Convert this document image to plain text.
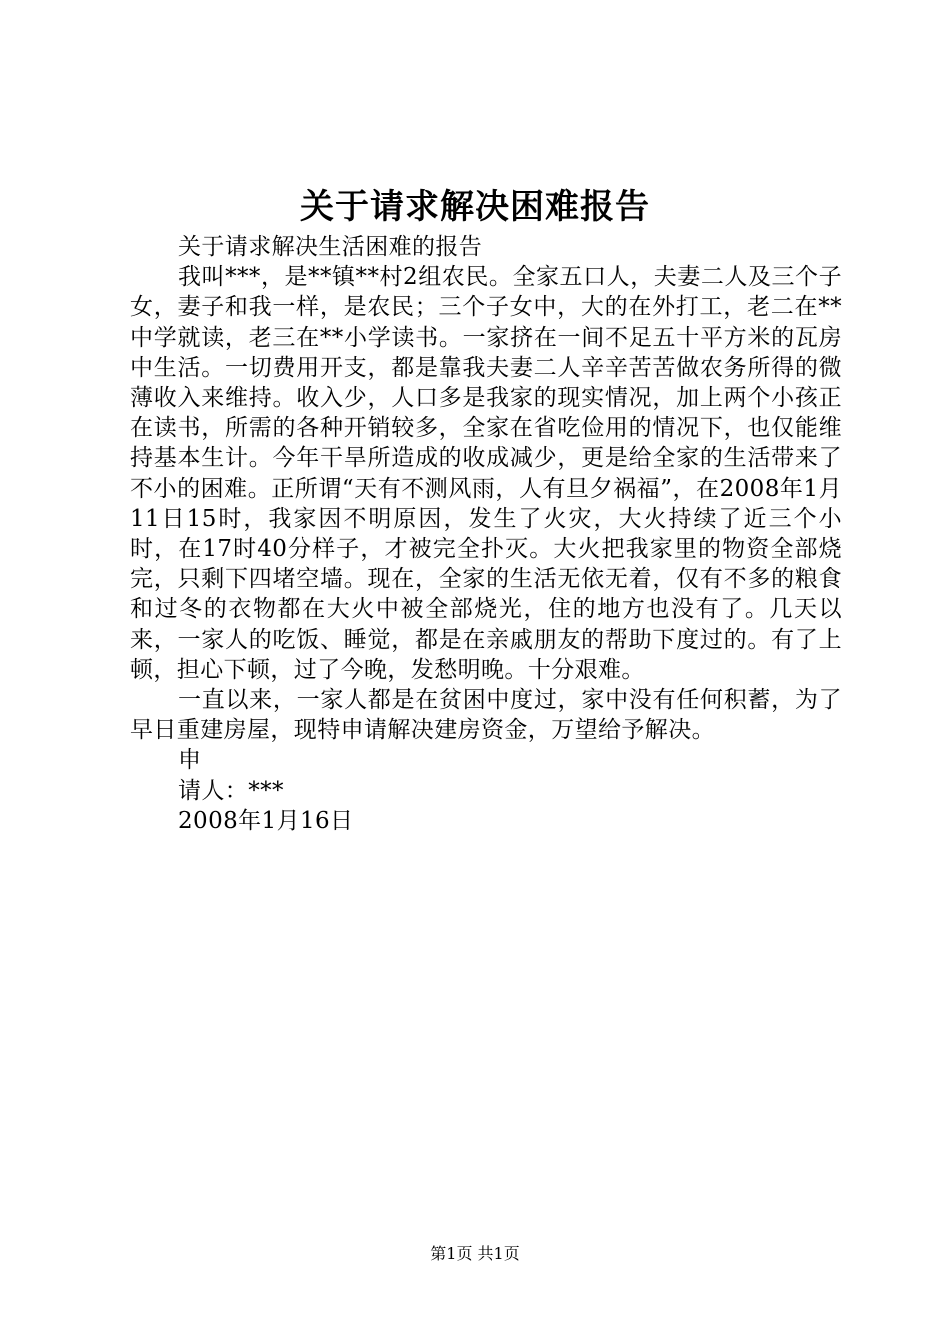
关于请求解决困难报告
关于请求解决生活困难的报告

我叫***，是**镇**村2组农民。全家五口人，夫妻二人及三个子女，妻子和我一样，是农民；三个子女中，大的在外打工，老二在**中学就读，老三在**小学读书。一家挤在一间不足五十平方米的瓦房中生活。一切费用开支，都是靠我夫妻二人辛辛苦苦做农务所得的微薄收入来维持。收入少，人口多是我家的现实情况，加上两个小孩正在读书，所需的各种开销较多，全家在省吃俭用的情况下，也仅能维持基本生计。今年干旱所造成的收成减少，更是给全家的生活带来了不小的困难。正所谓“天有不测风雨，人有旦夕祸福”，在2008年1月11日15时，我家因不明原因，发生了火灾，大火持续了近三个小时，在17时40分样子，才被完全扑灭。大火把我家里的物资全部烧完，只剩下四堵空墙。现在，全家的生活无依无着，仅有不多的粮食和过冬的衣物都在大火中被全部烧光，住的地方也没有了。几天以来，一家人的吃饭、睡觉，都是在亲戚朋友的帮助下度过的。有了上顿，担心下顿，过了今晚，发愁明晚。十分艰难。

一直以来，一家人都是在贫困中度过，家中没有任何积蓄，为了早日重建房屋，现特申请解决建房资金，万望给予解决。

申
请人：***
2008年1月16日
第1页 共1页
